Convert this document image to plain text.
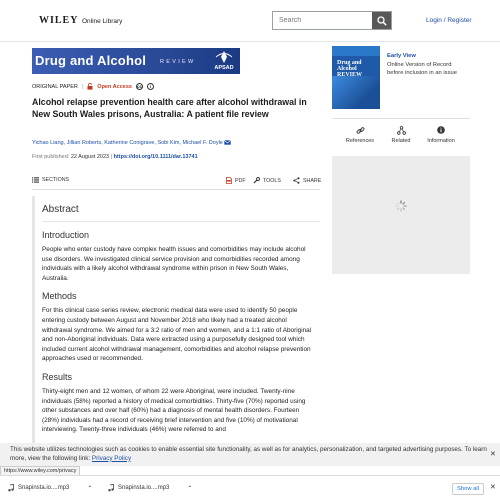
WILEY Online Library
Search	Login / Register
Drug and Alcohol	REVIEW
APSAD
ORIGINAL PAPER |	Open Access cc	i
Alcohol relapse prevention health care after alcohol withdrawal in New South Wales prisons, Australia: A patient file review
Yichao Liang, Jillian Roberts, Katherine Conigrave, Sobi Kim, Michael F. Doyle
First published: 22 August 2023 | https://doi.org/10.1111/dar.13741
SECTIONS	PDF	TOOLS	SHARE
Abstract
Introduction
People who enter custody have complex health issues and comorbidities may include alcohol use disorders. We investigated clinical service provision and comorbidities recorded among individuals with a likely alcohol withdrawal syndrome within prison in New South Wales, Australia.
Methods
For this clinical case series review, electronic medical data were used to identify 50 people entering custody between August and November 2018 who likely had a treated alcohol withdrawal syndrome. We aimed for a 3:2 ratio of men and women, and a 1:1 ratio of Aboriginal and non-Aboriginal individuals. Data were extracted using a purposefully designed tool which included current alcohol withdrawal management, comorbidities and alcohol relapse prevention approaches used or recommended.
Results
Thirty-eight men and 12 women, of whom 22 were Aboriginal, were included. Twenty-nine individuals (58%) reported a history of medical comorbidities. Thirty-five (70%) reported using other substances and over half (60%) had a diagnosis of mental health disorders. Fourteen (28%) individuals had a record of receiving brief intervention and five (10%) of motivational interviewing. Twenty-three individuals (46%) were referred to and
Drug and Alcohol REVIEW
Early View
Online Version of Record before inclusion in an issue
References	Related	Information
This website utilizes technologies such as cookies to enable essential site functionality, as well as for analytics, personalization, and targeted advertising purposes. To learn more, view the following link: Privacy Policy	✕
https://www.wiley.com/privacy
Snapinsta.io....mp3	⌃	Snapinsta.io....mp3	⌃	Show all	✕
